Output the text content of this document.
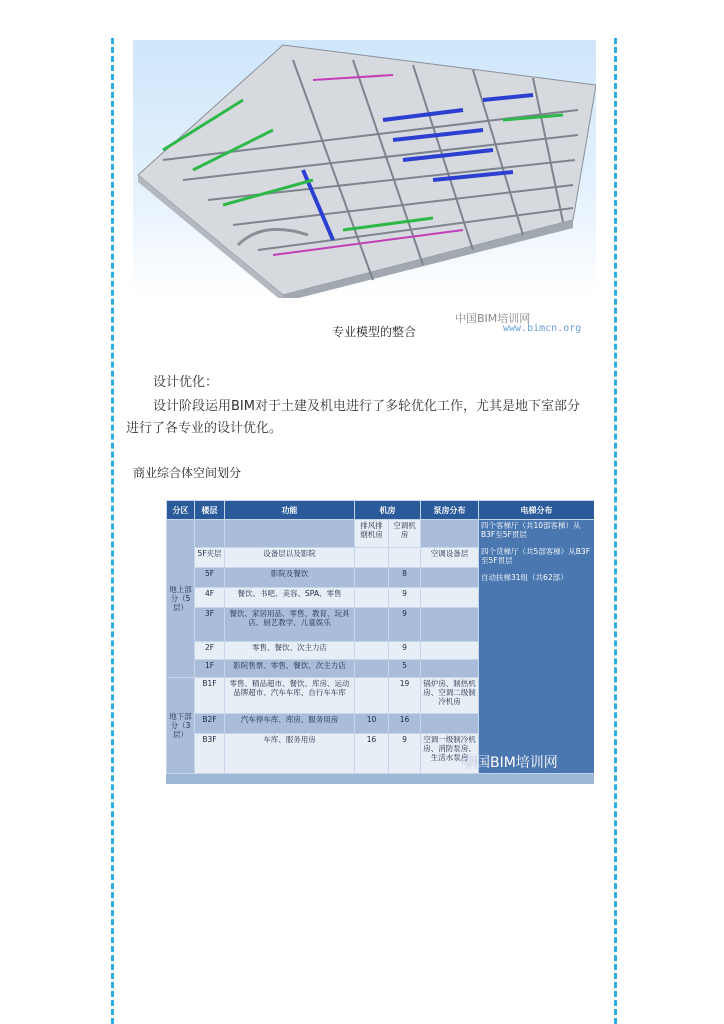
中国BIM培训网
专业模型的整合	www.bimcn.org
设计优化：
设计阶段运用BIM对于土建及机电进行了多轮优化工作，尤其是地下室部分
进行了各专业的设计优化。
商业综合体空间划分
分区	楼层	功能	机房		泵房分布	电梯分布
地上部分（5层）			排风排烟机房	空调机房		四个客梯厅（共10部客梯）从B3F至5F贯层
四个货梯厅（共5部客梯）从B3F至5F贯层
自动扶梯31组（共62部）

	5F夹层	设备层以及影院			空调设备层	
	5F	影院及餐饮		8		
	4F	餐饮、书吧、美容、SPA、零售		9		
	3F	餐饮、家居用品、零售、教育、玩具店、厨艺教学、儿童娱乐		9		
	2F	零售、餐饮、次主力店		9		
	1F	影院售票、零售、餐饮、次主力店		5		
地下部分（3层）	B1F	零售、精品超市、餐饮、库房、运动品牌超市、汽车车库、自行车车库		19	锅炉房、制热机房、空调二级制冷机房	
	B2F	汽车停车库、库房、服务用房	10	16		
	B3F	车库、服务用房	16	9	空调一级制冷机房、消防泵房、生活水泵房	
中国BIM培训网
